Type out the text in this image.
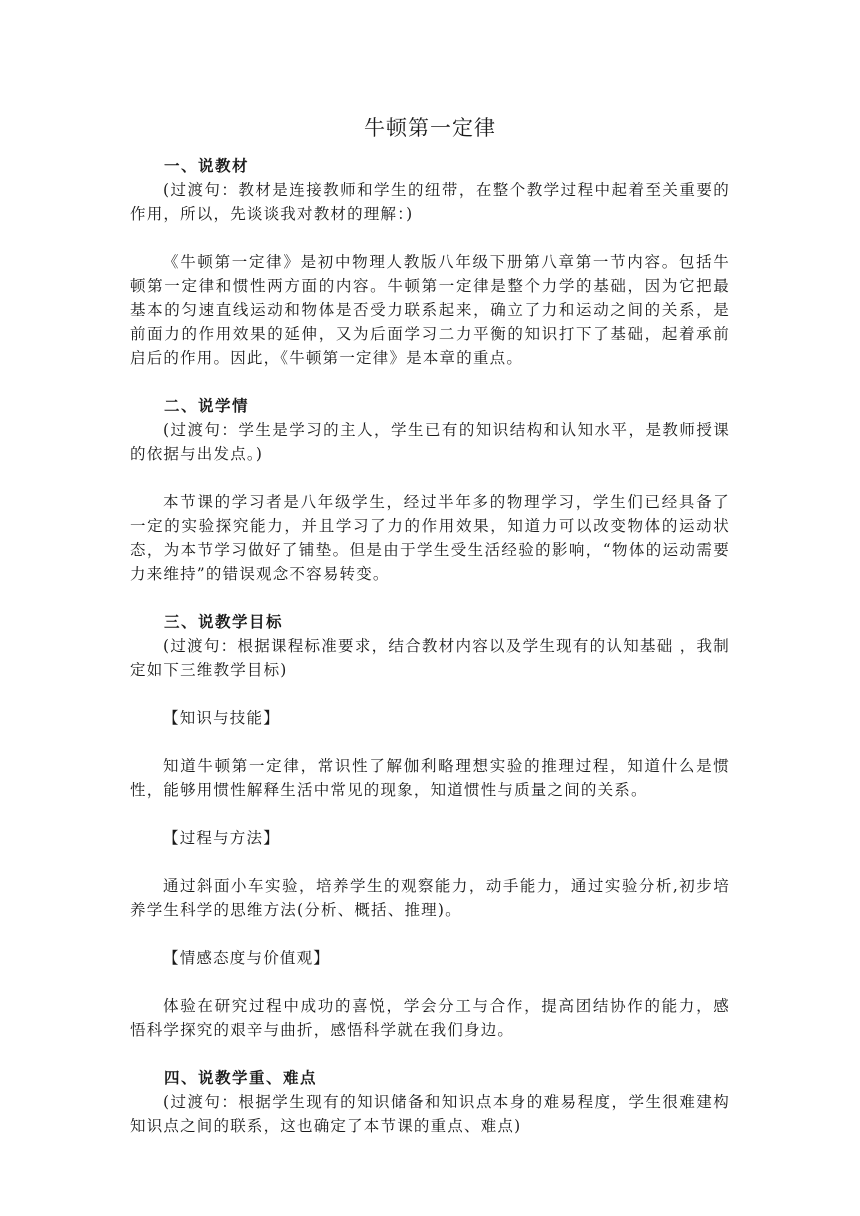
牛顿第一定律

一、说教材

(过渡句：教材是连接教师和学生的纽带，在整个教学过程中起着至关重要的作用，所以，先谈谈我对教材的理解：)

《牛顿第一定律》是初中物理人教版八年级下册第八章第一节内容。包括牛顿第一定律和惯性两方面的内容。牛顿第一定律是整个力学的基础，因为它把最基本的匀速直线运动和物体是否受力联系起来，确立了力和运动之间的关系，是前面力的作用效果的延伸，又为后面学习二力平衡的知识打下了基础，起着承前启后的作用。因此，《牛顿第一定律》是本章的重点。

二、说学情

(过渡句：学生是学习的主人，学生已有的知识结构和认知水平，是教师授课的依据与出发点。)

本节课的学习者是八年级学生，经过半年多的物理学习，学生们已经具备了一定的实验探究能力，并且学习了力的作用效果，知道力可以改变物体的运动状态，为本节学习做好了铺垫。但是由于学生受生活经验的影响，“物体的运动需要力来维持”的错误观念不容易转变。

三、说教学目标

(过渡句：根据课程标准要求，结合教材内容以及学生现有的认知基础 ，我制定如下三维教学目标)

【知识与技能】

知道牛顿第一定律，常识性了解伽利略理想实验的推理过程，知道什么是惯性，能够用惯性解释生活中常见的现象，知道惯性与质量之间的关系。

【过程与方法】

通过斜面小车实验，培养学生的观察能力，动手能力，通过实验分析,初步培养学生科学的思维方法(分析、概括、推理)。

【情感态度与价值观】

体验在研究过程中成功的喜悦，学会分工与合作，提高团结协作的能力，感悟科学探究的艰辛与曲折，感悟科学就在我们身边。

四、说教学重、难点

(过渡句：根据学生现有的知识储备和知识点本身的难易程度，学生很难建构知识点之间的联系，这也确定了本节课的重点、难点)
